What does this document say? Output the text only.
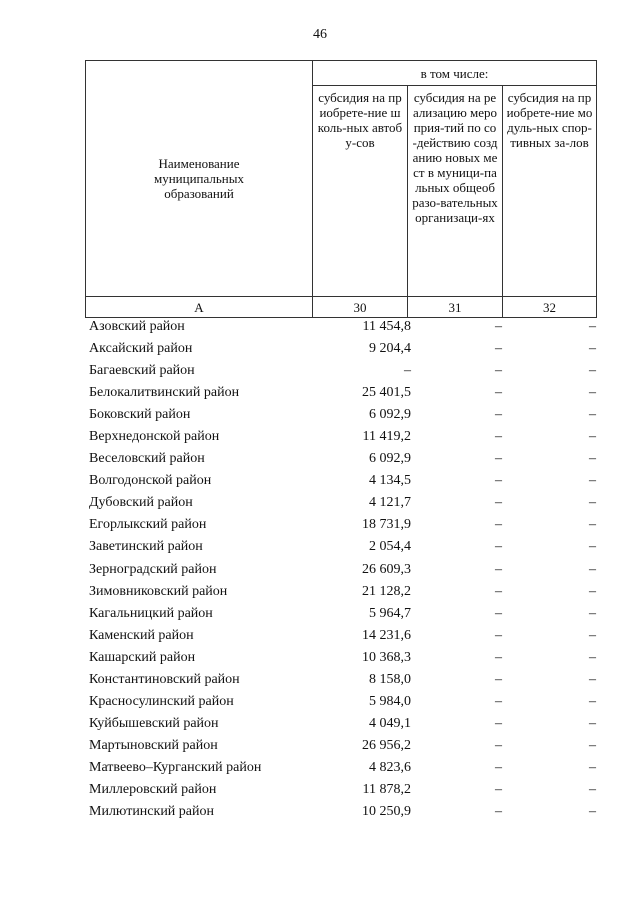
46
Наименование муниципальных образований	в том числе:		
	субсидия на приобрете-ние школь-ных автобу-сов	субсидия на реализацию мероприя-тий по со-действию созданию новых мест в муници-пальных общеобразо-вательных организаци-ях	субсидия на приобрете-ние модуль-ных спор-тивных за-лов
А	30	31	32
Азовский район	11 454,8	–	–
Аксайский район	9 204,4	–	–
Багаевский район	–	–	–
Белокалитвинский район	25 401,5	–	–
Боковский район	6 092,9	–	–
Верхнедонской район	11 419,2	–	–
Веселовский район	6 092,9	–	–
Волгодонской район	4 134,5	–	–
Дубовский район	4 121,7	–	–
Егорлыкский район	18 731,9	–	–
Заветинский район	2 054,4	–	–
Зерноградский район	26 609,3	–	–
Зимовниковский район	21 128,2	–	–
Кагальницкий район	5 964,7	–	–
Каменский район	14 231,6	–	–
Кашарский район	10 368,3	–	–
Константиновский район	8 158,0	–	–
Красносулинский район	5 984,0	–	–
Куйбышевский район	4 049,1	–	–
Мартыновский район	26 956,2	–	–
Матвеево–Курганский район	4 823,6	–	–
Миллеровский район	11 878,2	–	–
Милютинский район	10 250,9	–	–
